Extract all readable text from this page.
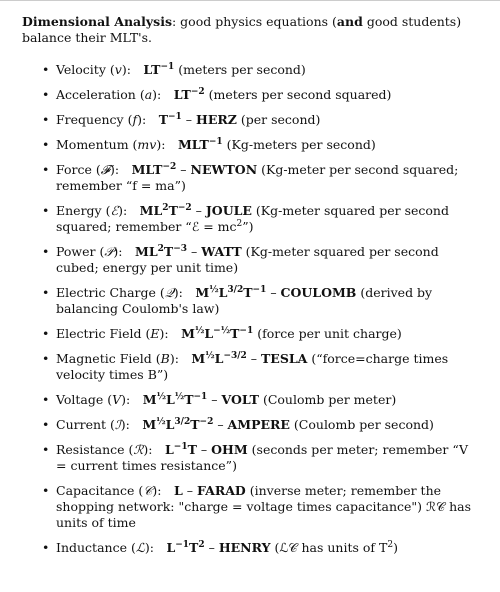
Dimensional Analysis: good physics equations (and good students) balance their MLT's.

• Velocity (v): $LT^{-1}$ (meters per second)
• Acceleration (a): $LT^{-2}$ (meters per second squared)
• Frequency (f): $T^{-1}$ – HERZ (per second)
• Momentum (mv): $MLT^{-1}$ (Kg-meters per second)
• Force (𝓕): $MLT^{-2}$ – NEWTON (Kg-meter per second squared; remember “f = ma”)
• Energy (ℰ): $ML^2T^{-2}$ – JOULE (Kg-meter squared per second squared; remember “ℰ = $mc^2$”)
• Power (𝒫): $ML^2T^{-3}$ – WATT (Kg-meter squared per second cubed; energy per unit time)
• Electric Charge (𝒬): $M^{\frac{1}{2}}L^{3/2}T^{-1}$ – COULOMB (derived by balancing Coulomb's law)
• Electric Field (E): $M^{\frac{1}{2}}L^{-\frac{1}{2}}T^{-1}$ (force per unit charge)
• Magnetic Field (B): $M^{\frac{1}{2}}L^{-3/2}$ – TESLA (“force=charge times velocity times B”)
• Voltage (V): $M^{\frac{1}{2}}L^{\frac{1}{2}}T^{-1}$ – VOLT (Coulomb per meter)
• Current (ℐ): $M^{\frac{1}{2}}L^{3/2}T^{-2}$ – AMPERE (Coulomb per second)
• Resistance (ℛ): $L^{-1}T$ – OHM (seconds per meter; remember “V = current times resistance”)
• Capacitance (𝒞): L – FARAD (inverse meter; remember the shopping network: "charge = voltage times capacitance") ℛ𝒞 has units of time
• Inductance (ℒ): $L^{-1}T^2$ – HENRY (ℒ𝒞 has units of $T^2$)
